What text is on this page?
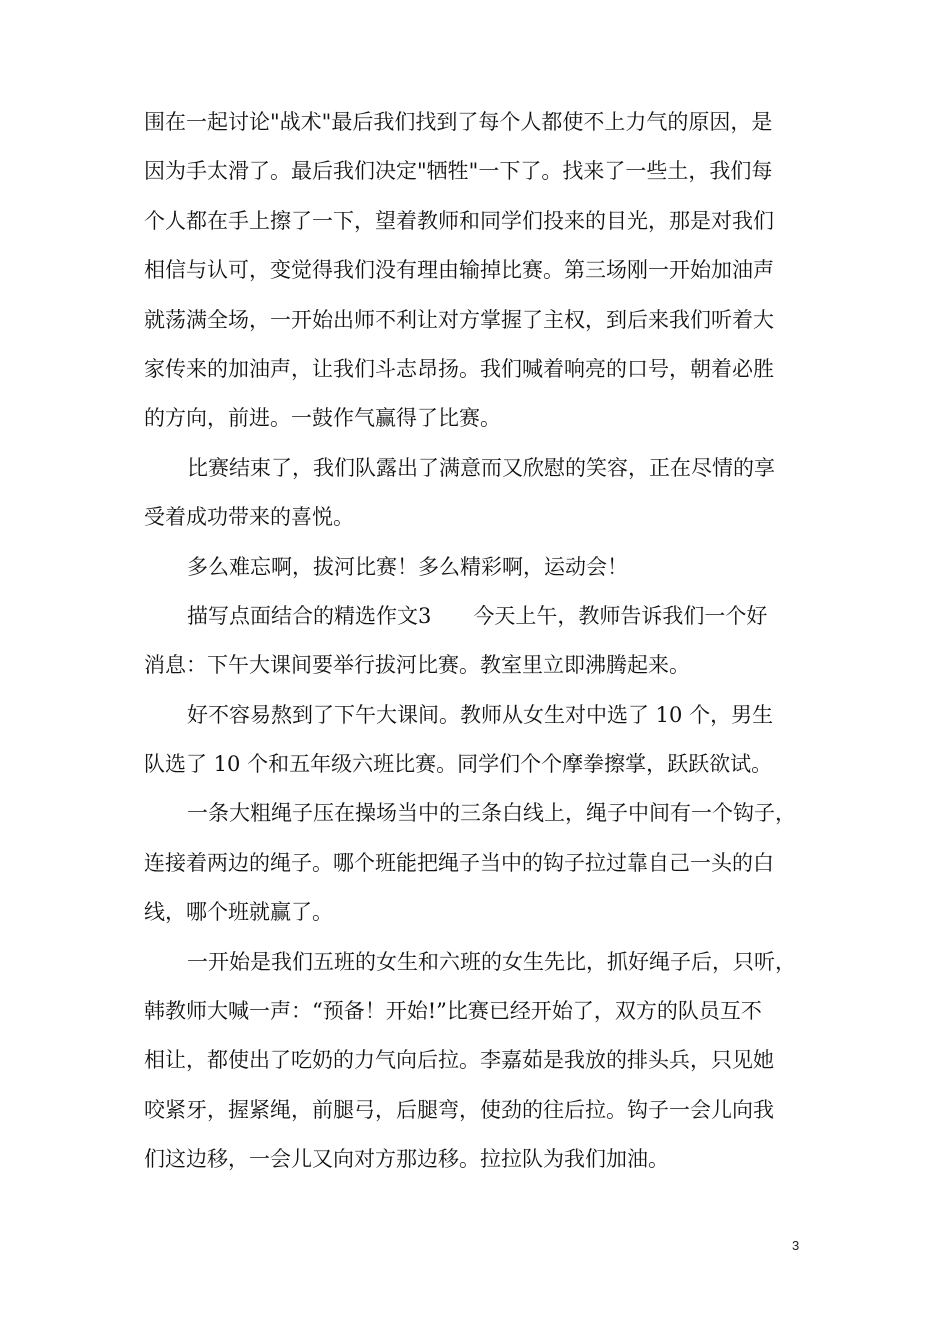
围在一起讨论"战术"最后我们找到了每个人都使不上力气的原因，是
因为手太滑了。最后我们决定"牺牲"一下了。找来了一些土，我们每
个人都在手上擦了一下，望着教师和同学们投来的目光，那是对我们
相信与认可，变觉得我们没有理由输掉比赛。第三场刚一开始加油声
就荡满全场，一开始出师不利让对方掌握了主权，到后来我们听着大
家传来的加油声，让我们斗志昂扬。我们喊着响亮的口号，朝着必胜
的方向，前进。一鼓作气赢得了比赛。
比赛结束了，我们队露出了满意而又欣慰的笑容，正在尽情的享
受着成功带来的喜悦。
多么难忘啊，拔河比赛！多么精彩啊，运动会！
描写点面结合的精选作文3　　今天上午，教师告诉我们一个好
消息：下午大课间要举行拔河比赛。教室里立即沸腾起来。
好不容易熬到了下午大课间。教师从女生对中选了 10 个，男生
队选了 10 个和五年级六班比赛。同学们个个摩拳擦掌，跃跃欲试。
一条大粗绳子压在操场当中的三条白线上，绳子中间有一个钩子，
连接着两边的绳子。哪个班能把绳子当中的钩子拉过靠自己一头的白
线，哪个班就赢了。
一开始是我们五班的女生和六班的女生先比，抓好绳子后，只听，
韩教师大喊一声：“预备！开始!”比赛已经开始了，双方的队员互不
相让，都使出了吃奶的力气向后拉。李嘉茹是我放的排头兵，只见她
咬紧牙，握紧绳，前腿弓，后腿弯，使劲的往后拉。钩子一会儿向我
们这边移，一会儿又向对方那边移。拉拉队为我们加油。
3
